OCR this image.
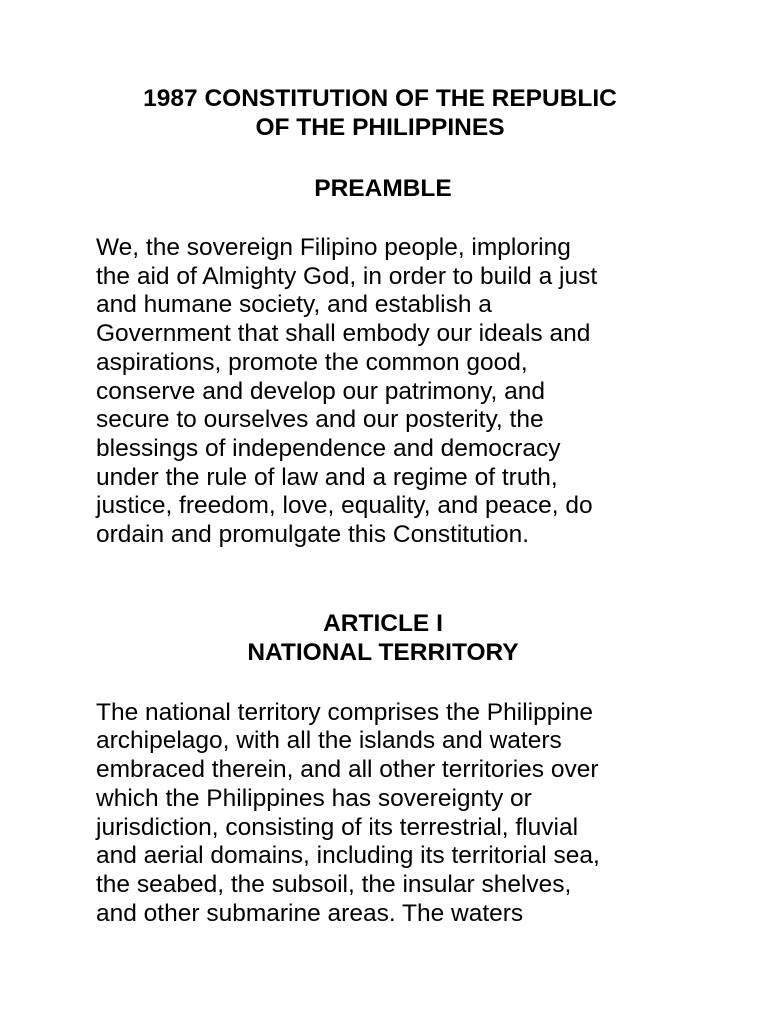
1987 CONSTITUTION OF THE REPUBLIC
OF THE PHILIPPINES
PREAMBLE
We, the sovereign Filipino people, imploring
the aid of Almighty God, in order to build a just
and humane society, and establish a
Government that shall embody our ideals and
aspirations, promote the common good,
conserve and develop our patrimony, and
secure to ourselves and our posterity, the
blessings of independence and democracy
under the rule of law and a regime of truth,
justice, freedom, love, equality, and peace, do
ordain and promulgate this Constitution.
ARTICLE I
NATIONAL TERRITORY
The national territory comprises the Philippine
archipelago, with all the islands and waters
embraced therein, and all other territories over
which the Philippines has sovereignty or
jurisdiction, consisting of its terrestrial, fluvial
and aerial domains, including its territorial sea,
the seabed, the subsoil, the insular shelves,
and other submarine areas. The waters
